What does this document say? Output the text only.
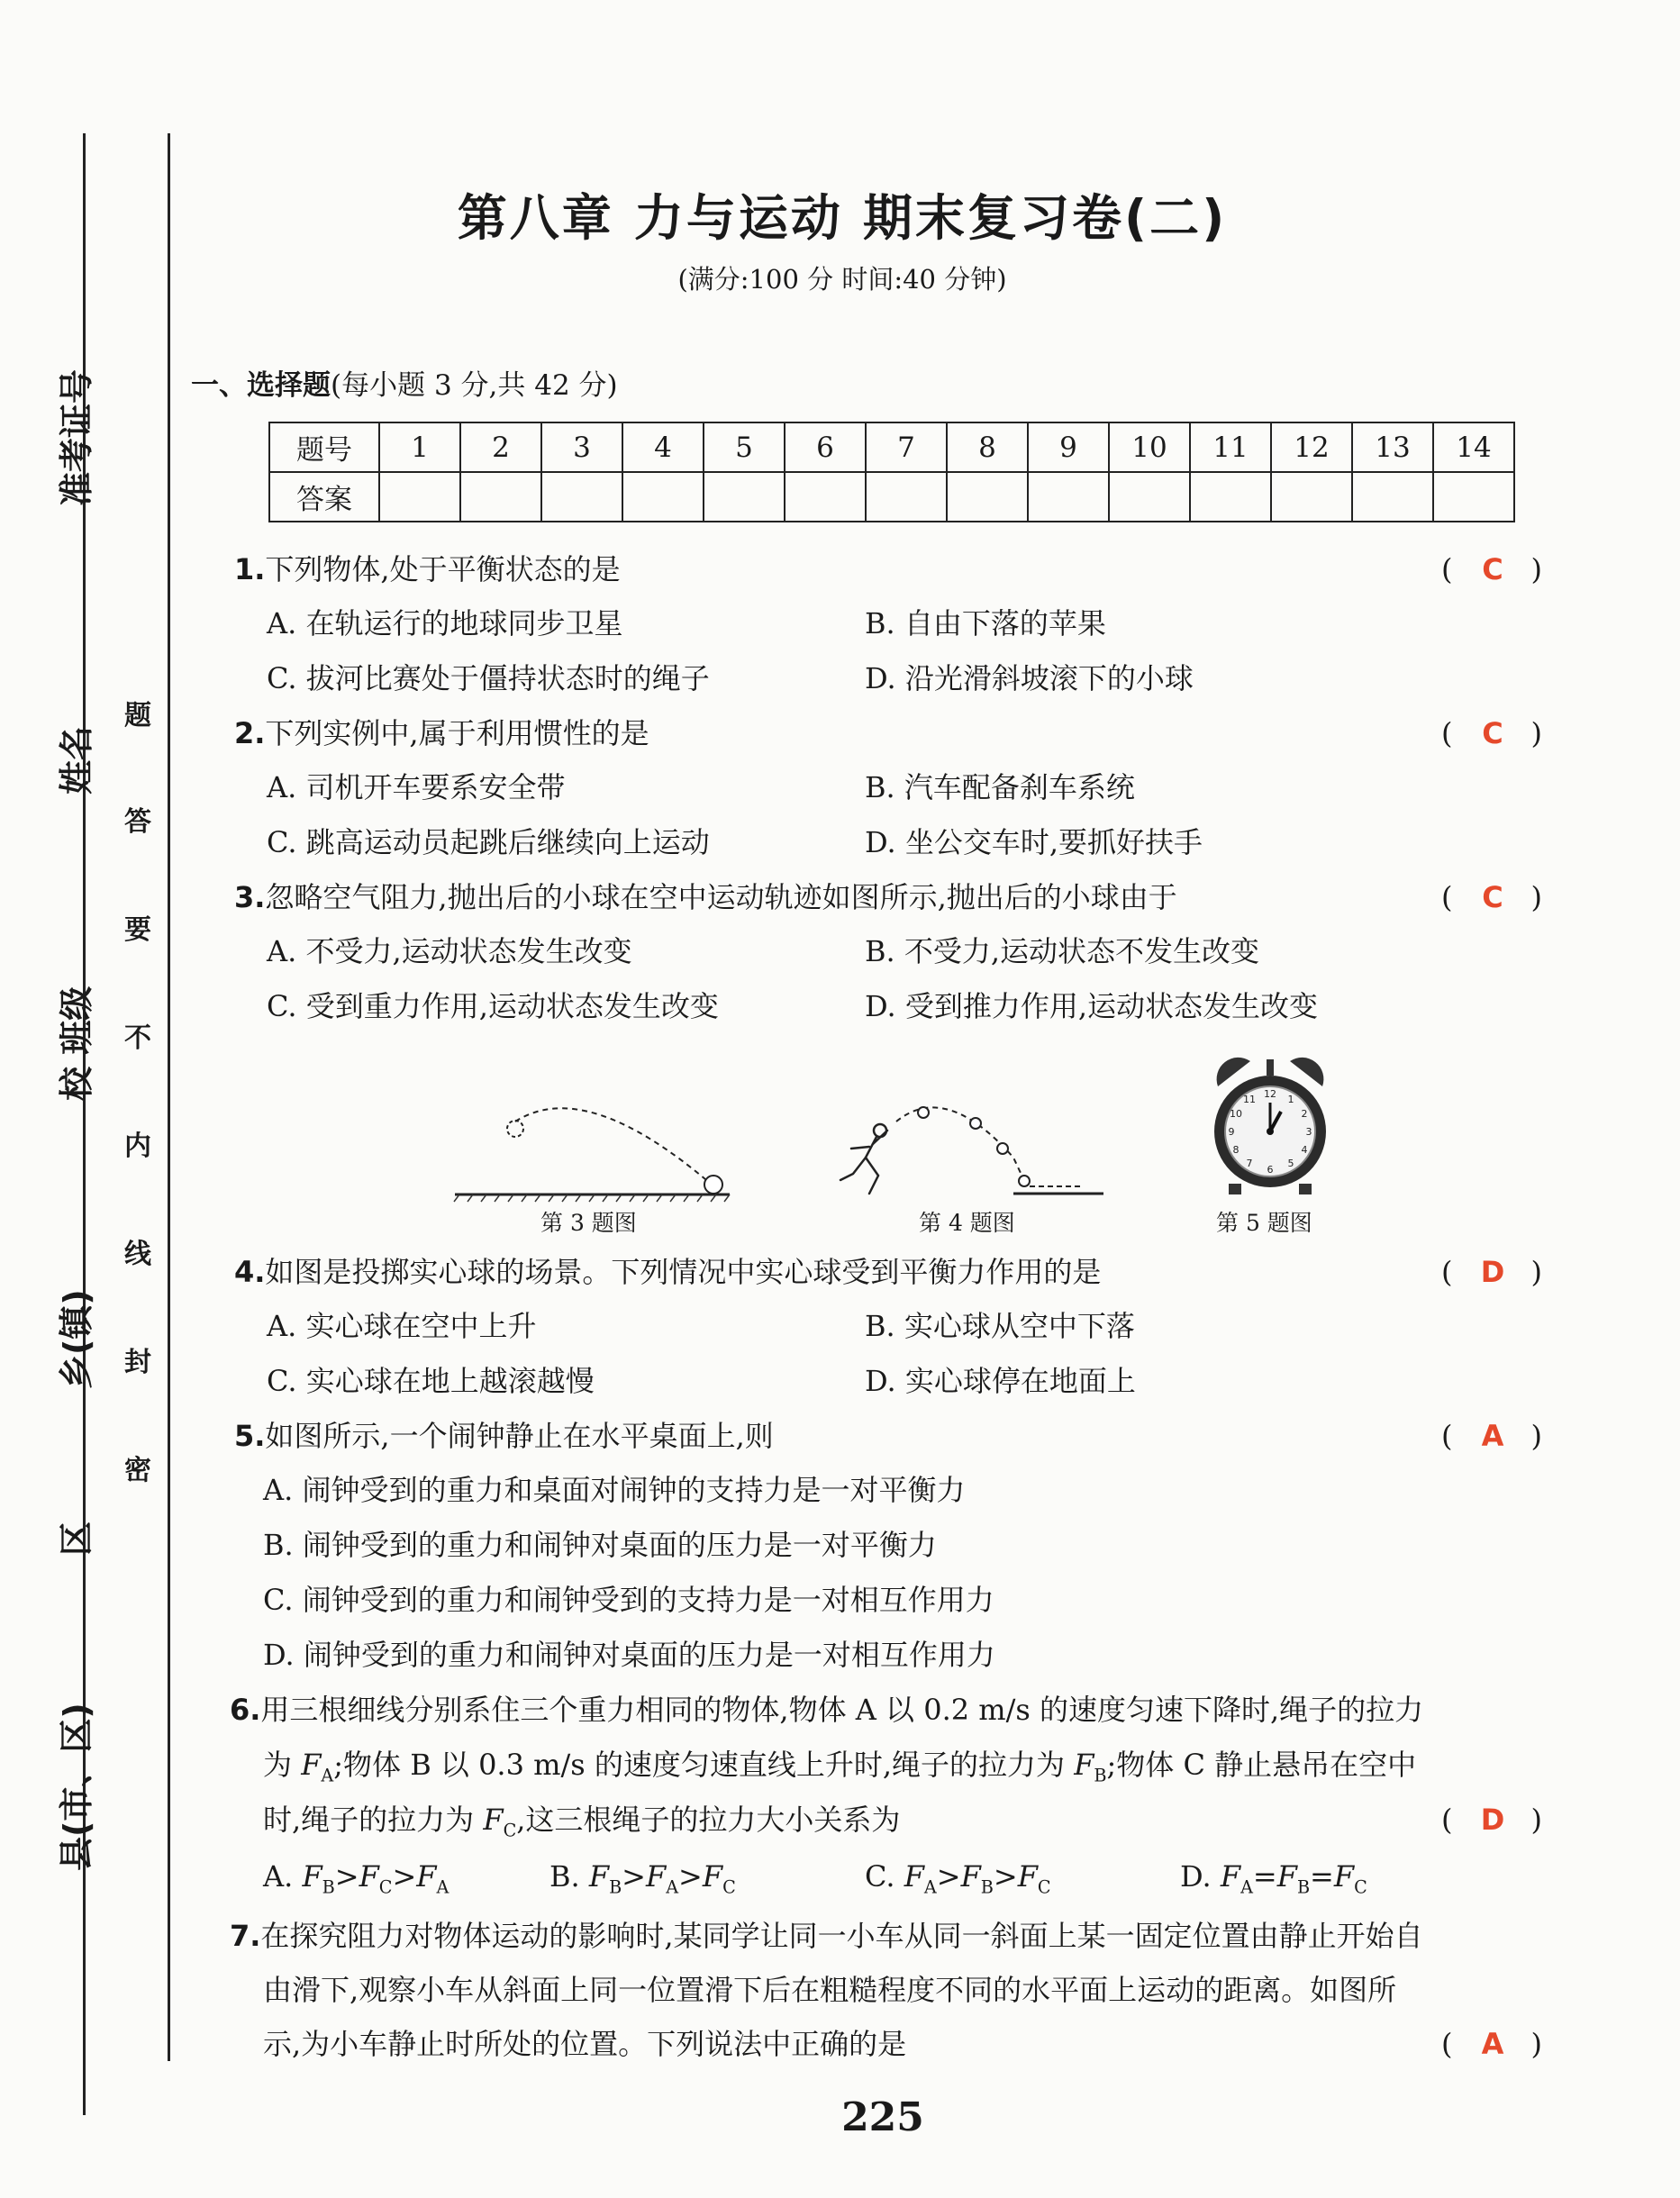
准考证号
姓名
校 班级
乡(镇)
区
县(市、区)
题
答
要
不
内
线
封
密
第八章 力与运动 期末复习卷(二)
(满分:100 分 时间:40 分钟)
一、选择题(每小题 3 分,共 42 分)
题号	1	2	3	4	5	6	7	8	9	10	11	12	13	14
答案														
1.下列物体,处于平衡状态的是	( C )
A. 在轨运行的地球同步卫星	B. 自由下落的苹果
C. 拔河比赛处于僵持状态时的绳子	D. 沿光滑斜坡滚下的小球
2.下列实例中,属于利用惯性的是	( C )
A. 司机开车要系安全带	B. 汽车配备刹车系统
C. 跳高运动员起跳后继续向上运动	D. 坐公交车时,要抓好扶手
3.忽略空气阻力,抛出后的小球在空中运动轨迹如图所示,抛出后的小球由于	( C )
A. 不受力,运动状态发生改变	B. 不受力,运动状态不发生改变
C. 受到重力作用,运动状态发生改变	D. 受到推力作用,运动状态发生改变
第 3 题图	第 4 题图
12 1
2
3
4
5
6
7
8
9
10
11
第 5 题图
4.如图是投掷实心球的场景。下列情况中实心球受到平衡力作用的是	( D )
A. 实心球在空中上升	B. 实心球从空中下落
C. 实心球在地上越滚越慢	D. 实心球停在地面上
5.如图所示,一个闹钟静止在水平桌面上,则	( A )
A. 闹钟受到的重力和桌面对闹钟的支持力是一对平衡力
B. 闹钟受到的重力和闹钟对桌面的压力是一对平衡力
C. 闹钟受到的重力和闹钟受到的支持力是一对相互作用力
D. 闹钟受到的重力和闹钟对桌面的压力是一对相互作用力
6.用三根细线分别系住三个重力相同的物体,物体 A 以 0.2 m/s 的速度匀速下降时,绳子的拉力
为 $F_A$;物体 B 以 0.3 m/s 的速度匀速直线上升时,绳子的拉力为 $F_B$;物体 C 静止悬吊在空中
时,绳子的拉力为 $F_C$,这三根绳子的拉力大小关系为	( D )
A. $F_B>F_C>F_A$	B. $F_B>F_A>F_C$	C. $F_A>F_B>F_C$	D. $F_A=F_B=F_C$
7.在探究阻力对物体运动的影响时,某同学让同一小车从同一斜面上某一固定位置由静止开始自
由滑下,观察小车从斜面上同一位置滑下后在粗糙程度不同的水平面上运动的距离。如图所
示,为小车静止时所处的位置。下列说法中正确的是	( A )
225
